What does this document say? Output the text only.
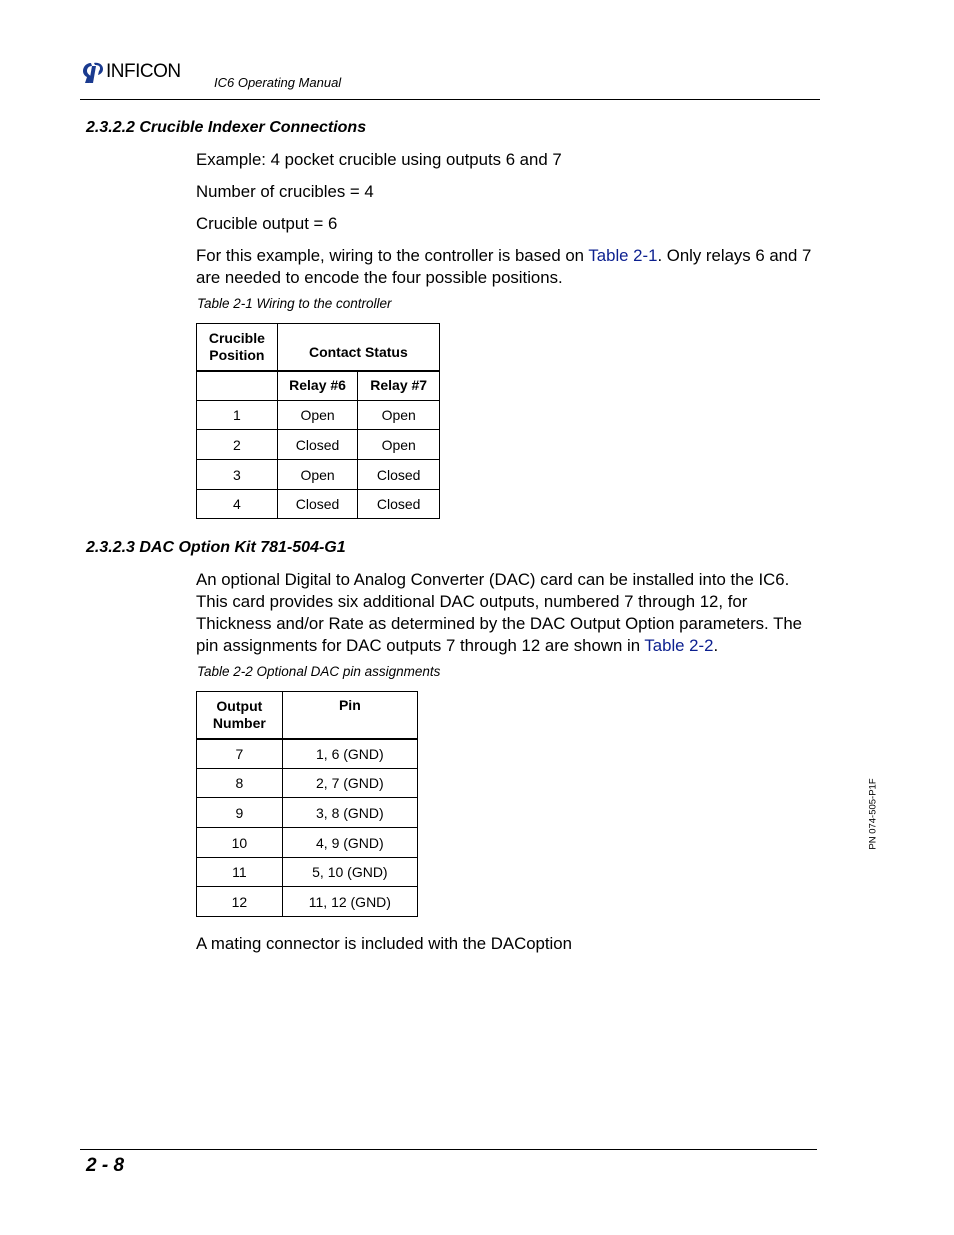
INFICON
IC6 Operating Manual
2.3.2.2 Crucible Indexer Connections
Example: 4 pocket crucible using outputs 6 and 7
Number of crucibles = 4
Crucible output = 6
For this example, wiring to the controller is based on Table 2-1. Only relays 6 and 7 are needed to encode the four possible positions.
Table 2-1 Wiring to the controller
Crucible Position	Contact Status	
	Relay #6	Relay #7
1	Open	Open
2	Closed	Open
3	Open	Closed
4	Closed	Closed
2.3.2.3 DAC Option Kit 781-504-G1
An optional Digital to Analog Converter (DAC) card can be installed into the IC6. This card provides six additional DAC outputs, numbered 7 through 12, for Thickness and/or Rate as determined by the DAC Output Option parameters. The pin assignments for DAC outputs 7 through 12 are shown in Table 2-2.
Table 2-2 Optional DAC pin assignments
Output Number	Pin
7	1, 6 (GND)
8	2, 7 (GND)
9	3, 8 (GND)
10	4, 9 (GND)
11	5, 10 (GND)
12	11, 12 (GND)
A mating connector is included with the DACoption
PN 074-505-P1F
2 - 8
